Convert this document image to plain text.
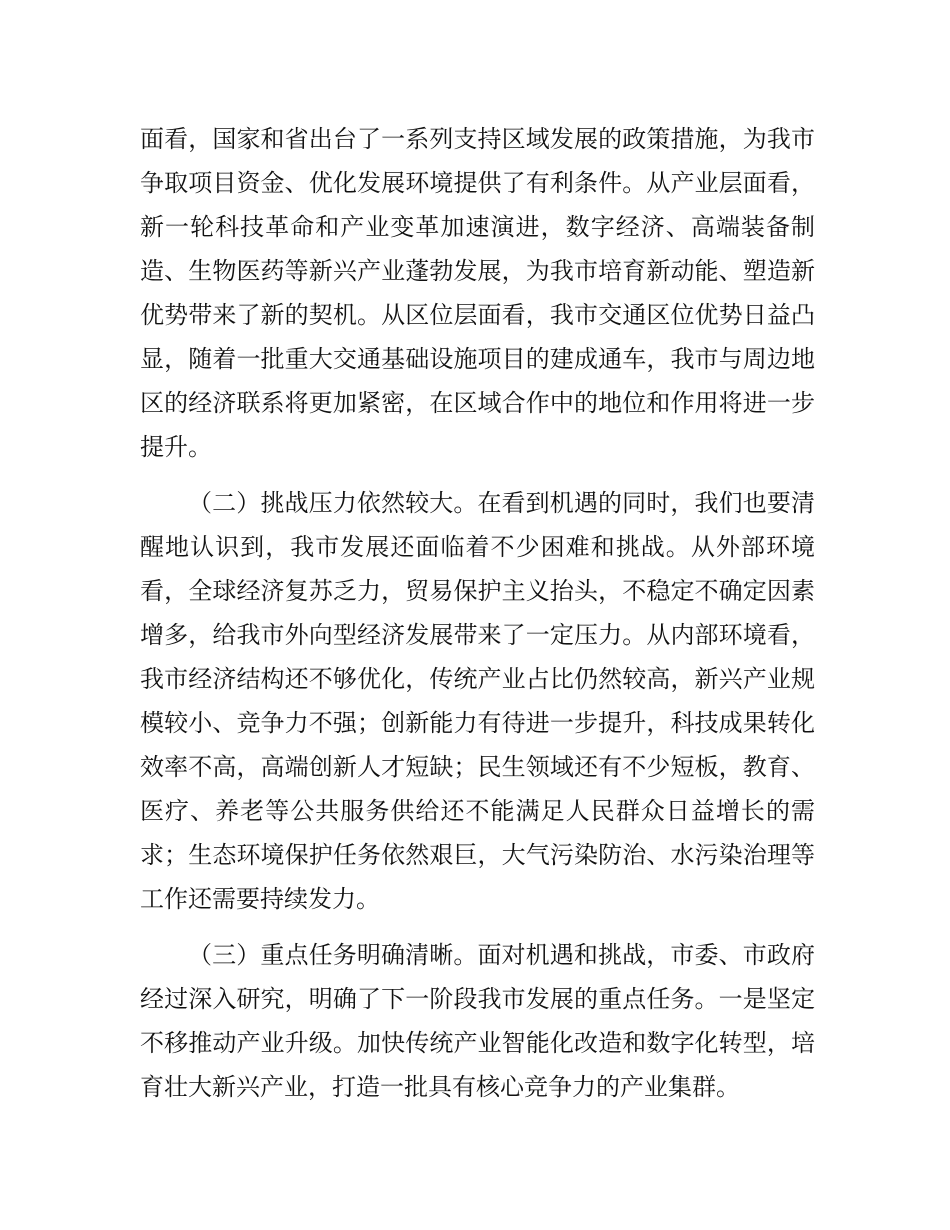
面看，国家和省出台了一系列支持区域发展的政策措施，为我市争取项目资金、优化发展环境提供了有利条件。从产业层面看，新一轮科技革命和产业变革加速演进，数字经济、高端装备制造、生物医药等新兴产业蓬勃发展，为我市培育新动能、塑造新优势带来了新的契机。从区位层面看，我市交通区位优势日益凸显，随着一批重大交通基础设施项目的建成通车，我市与周边地区的经济联系将更加紧密，在区域合作中的地位和作用将进一步提升。

（二）挑战压力依然较大。在看到机遇的同时，我们也要清醒地认识到，我市发展还面临着不少困难和挑战。从外部环境看，全球经济复苏乏力，贸易保护主义抬头，不稳定不确定因素增多，给我市外向型经济发展带来了一定压力。从内部环境看，我市经济结构还不够优化，传统产业占比仍然较高，新兴产业规模较小、竞争力不强；创新能力有待进一步提升，科技成果转化效率不高，高端创新人才短缺；民生领域还有不少短板，教育、医疗、养老等公共服务供给还不能满足人民群众日益增长的需求；生态环境保护任务依然艰巨，大气污染防治、水污染治理等工作还需要持续发力。

（三）重点任务明确清晰。面对机遇和挑战，市委、市政府经过深入研究，明确了下一阶段我市发展的重点任务。一是坚定不移推动产业升级。加快传统产业智能化改造和数字化转型，培育壮大新兴产业，打造一批具有核心竞争力的产业集群。
